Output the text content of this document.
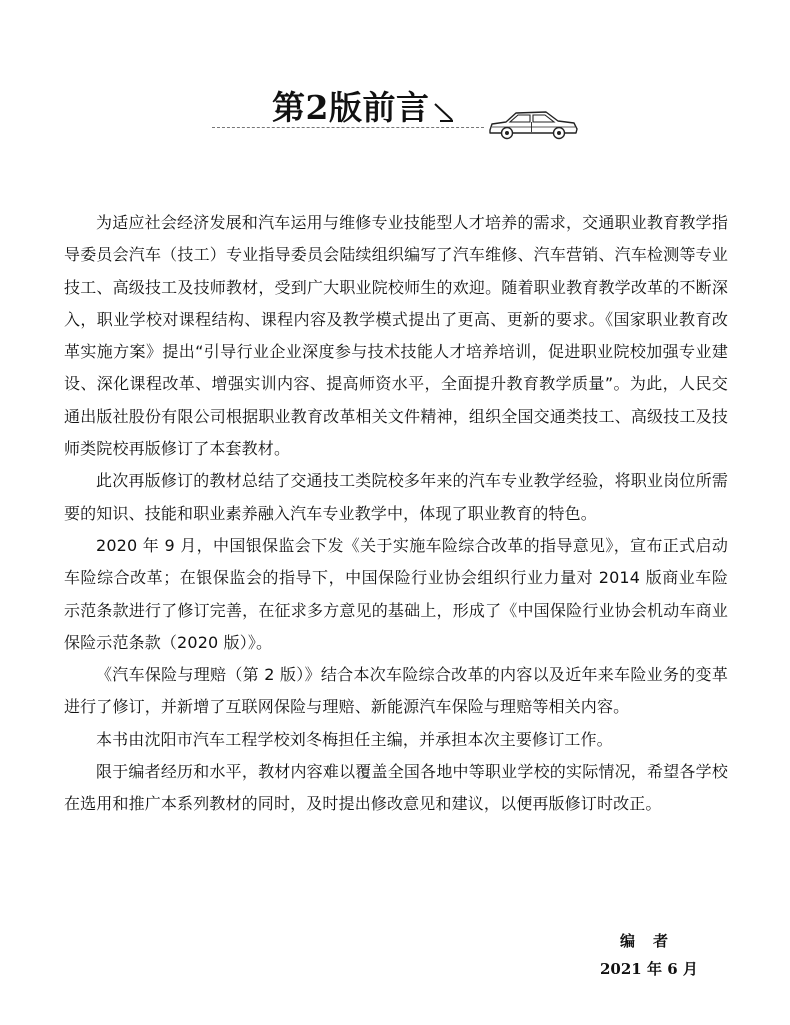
第2版前言

为适应社会经济发展和汽车运用与维修专业技能型人才培养的需求，交通职业教育教学指导委员会汽车（技工）专业指导委员会陆续组织编写了汽车维修、汽车营销、汽车检测等专业技工、高级技工及技师教材，受到广大职业院校师生的欢迎。随着职业教育教学改革的不断深入，职业学校对课程结构、课程内容及教学模式提出了更高、更新的要求。《国家职业教育改革实施方案》提出“引导行业企业深度参与技术技能人才培养培训，促进职业院校加强专业建设、深化课程改革、增强实训内容、提高师资水平，全面提升教育教学质量”。为此，人民交通出版社股份有限公司根据职业教育改革相关文件精神，组织全国交通类技工、高级技工及技师类院校再版修订了本套教材。

此次再版修订的教材总结了交通技工类院校多年来的汽车专业教学经验，将职业岗位所需要的知识、技能和职业素养融入汽车专业教学中，体现了职业教育的特色。

2020 年 9 月，中国银保监会下发《关于实施车险综合改革的指导意见》，宣布正式启动车险综合改革；在银保监会的指导下，中国保险行业协会组织行业力量对 2014 版商业车险示范条款进行了修订完善，在征求多方意见的基础上，形成了《中国保险行业协会机动车商业保险示范条款（2020 版）》。

《汽车保险与理赔（第 2 版）》结合本次车险综合改革的内容以及近年来车险业务的变革进行了修订，并新增了互联网保险与理赔、新能源汽车保险与理赔等相关内容。

本书由沈阳市汽车工程学校刘冬梅担任主编，并承担本次主要修订工作。

限于编者经历和水平，教材内容难以覆盖全国各地中等职业学校的实际情况，希望各学校在选用和推广本系列教材的同时，及时提出修改意见和建议，以便再版修订时改正。

编者
2021 年 6 月
